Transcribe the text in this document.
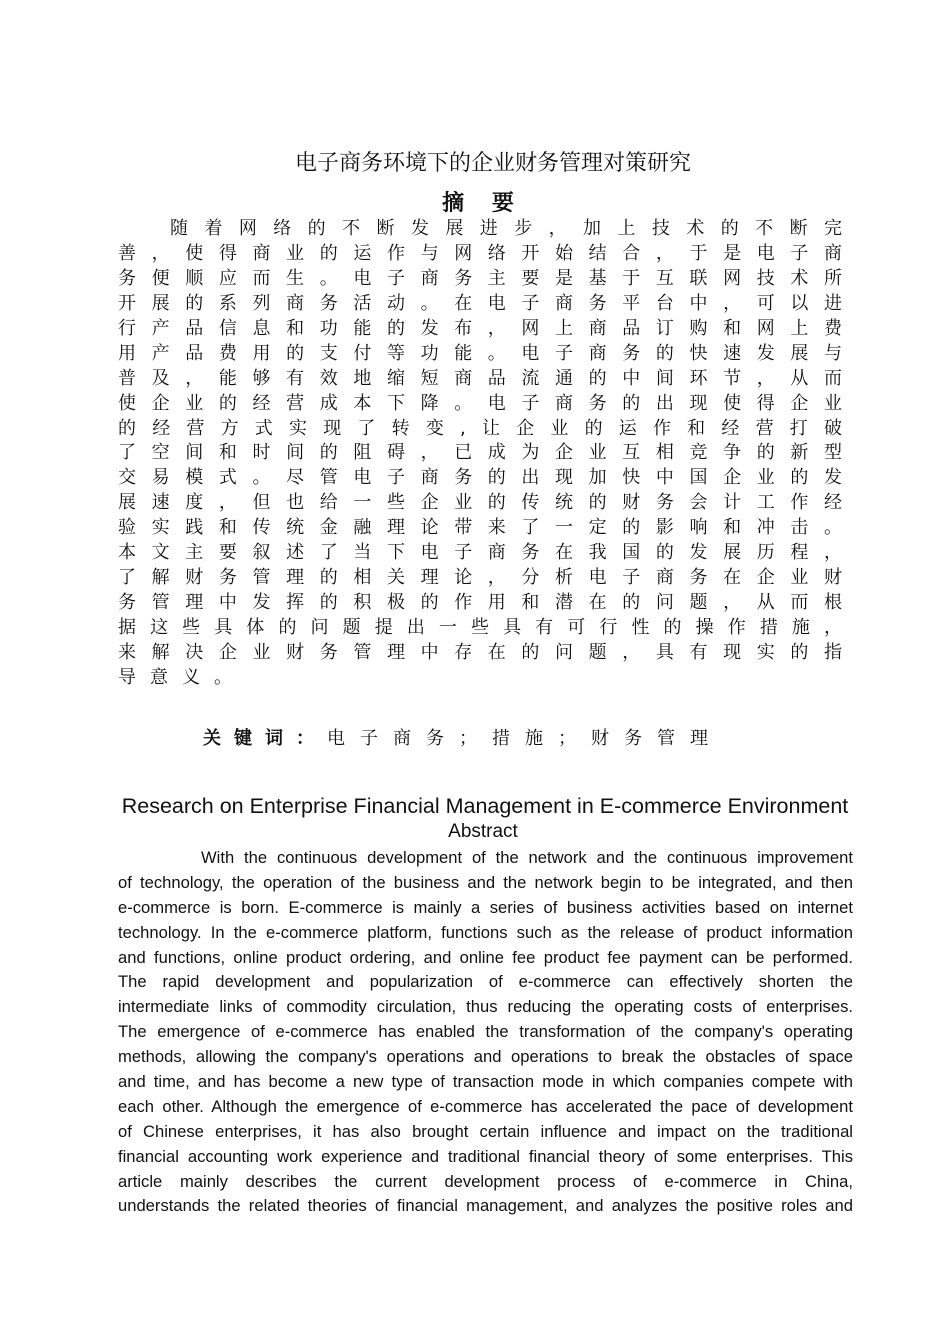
电子商务环境下的企业财务管理对策研究
摘 要
随着网络的不断发展进步，加上技术的不断完
善，使得商业的运作与网络开始结合，于是电子商
务便顺应而生。电子商务主要是基于互联网技术所
开展的系列商务活动。在电子商务平台中，可以进
行产品信息和功能的发布，网上商品订购和网上费
用产品费用的支付等功能。电子商务的快速发展与
普及，能够有效地缩短商品流通的中间环节，从而
使企业的经营成本下降。电子商务的出现使得企业
的经营方式实现了转变,让企业的运作和经营打破
了空间和时间的阻碍，已成为企业互相竞争的新型
交易模式。尽管电子商务的出现加快中国企业的发
展速度，但也给一些企业的传统的财务会计工作经
验实践和传统金融理论带来了一定的影响和冲击。
本文主要叙述了当下电子商务在我国的发展历程，
了解财务管理的相关理论，分析电子商务在企业财
务管理中发挥的积极的作用和潜在的问题，从而根
据这些具体的问题提出一些具有可行性的操作措施，
来解决企业财务管理中存在的问题，具有现实的指
导意义。
关键词：电子商务；措施；财务管理
Research on Enterprise Financial Management in E-commerce Environment
Abstract
With the continuous development of the network and the continuous improvement
of technology, the operation of the business and the network begin to be integrated, and then
e-commerce is born. E-commerce is mainly a series of business activities based on internet
technology. In the e-commerce platform, functions such as the release of product information
and functions, online product ordering, and online fee product fee payment can be performed.
The rapid development and popularization of e-commerce can effectively shorten the
intermediate links of commodity circulation, thus reducing the operating costs of enterprises.
The emergence of e-commerce has enabled the transformation of the company's operating
methods, allowing the company's operations and operations to break the obstacles of space
and time, and has become a new type of transaction mode in which companies compete with
each other. Although the emergence of e-commerce has accelerated the pace of development
of Chinese enterprises, it has also brought certain influence and impact on the traditional
financial accounting work experience and traditional financial theory of some enterprises. This
article mainly describes the current development process of e-commerce in China,
understands the related theories of financial management, and analyzes the positive roles and
